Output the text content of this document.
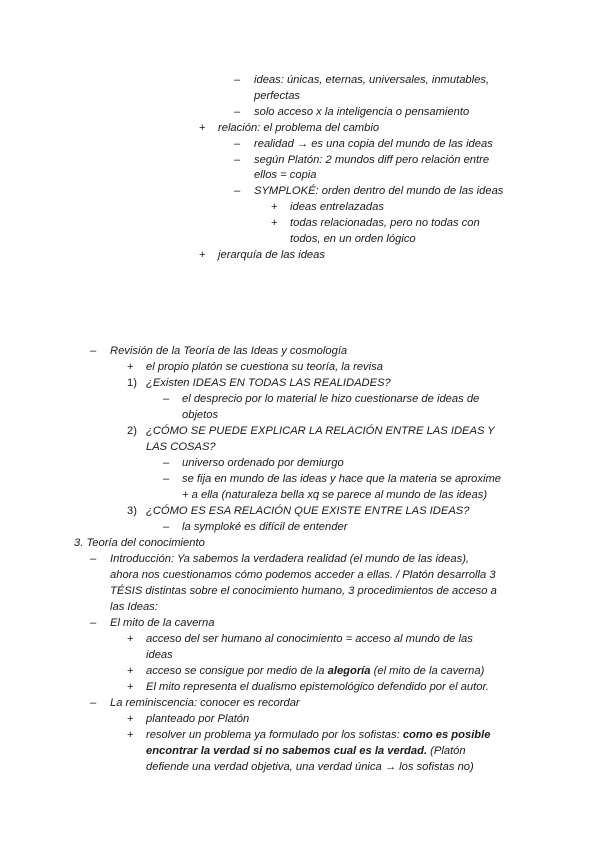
– ideas: únicas, eternas, universales, inmutables,
perfectas
– solo acceso x la inteligencia o pensamiento
+ relación: el problema del cambio
– realidad → es una copia del mundo de las ideas
– según Platón: 2 mundos diff pero relación entre
ellos = copia
– SYMPLOKÉ: orden dentro del mundo de las ideas
+ ideas entrelazadas
+ todas relacionadas, pero no todas con
todos, en un orden lógico
+ jerarquía de las ideas
– Revisión de la Teoría de las Ideas y cosmología
+ el propio platón se cuestiona su teoría, la revisa
1) ¿Existen IDEAS EN TODAS LAS REALIDADES?
– el desprecio por lo material le hizo cuestionarse de ideas de
objetos
2) ¿CÓMO SE PUEDE EXPLICAR LA RELACIÓN ENTRE LAS IDEAS Y
LAS COSAS?
– universo ordenado por demiurgo
– se fija en mundo de las ideas y hace que la materia se aproxime
+ a ella (naturaleza bella xq se parece al mundo de las ideas)
3) ¿CÓMO ES ESA RELACIÓN QUE EXISTE ENTRE LAS IDEAS?
– la symploké es difícil de entender
3. Teoría del conocimiento
– Introducción: Ya sabemos la verdadera realidad (el mundo de las ideas),
ahora nos cuestionamos cómo podemos acceder a ellas. / Platón desarrolla 3
TÉSIS distintas sobre el conocimiento humano, 3 procedimientos de acceso a
las Ideas:
– El mito de la caverna
+ acceso del ser humano al conocimiento = acceso al mundo de las
ideas
+ acceso se consigue por medio de la alegoría (el mito de la caverna)
+ El mito representa el dualismo epistemológico defendido por el autor.
– La reminiscencia: conocer es recordar
+ planteado por Platón
+ resolver un problema ya formulado por los sofistas: como es posible
encontrar la verdad si no sabemos cual es la verdad. (Platón
defiende una verdad objetiva, una verdad única → los sofistas no)
